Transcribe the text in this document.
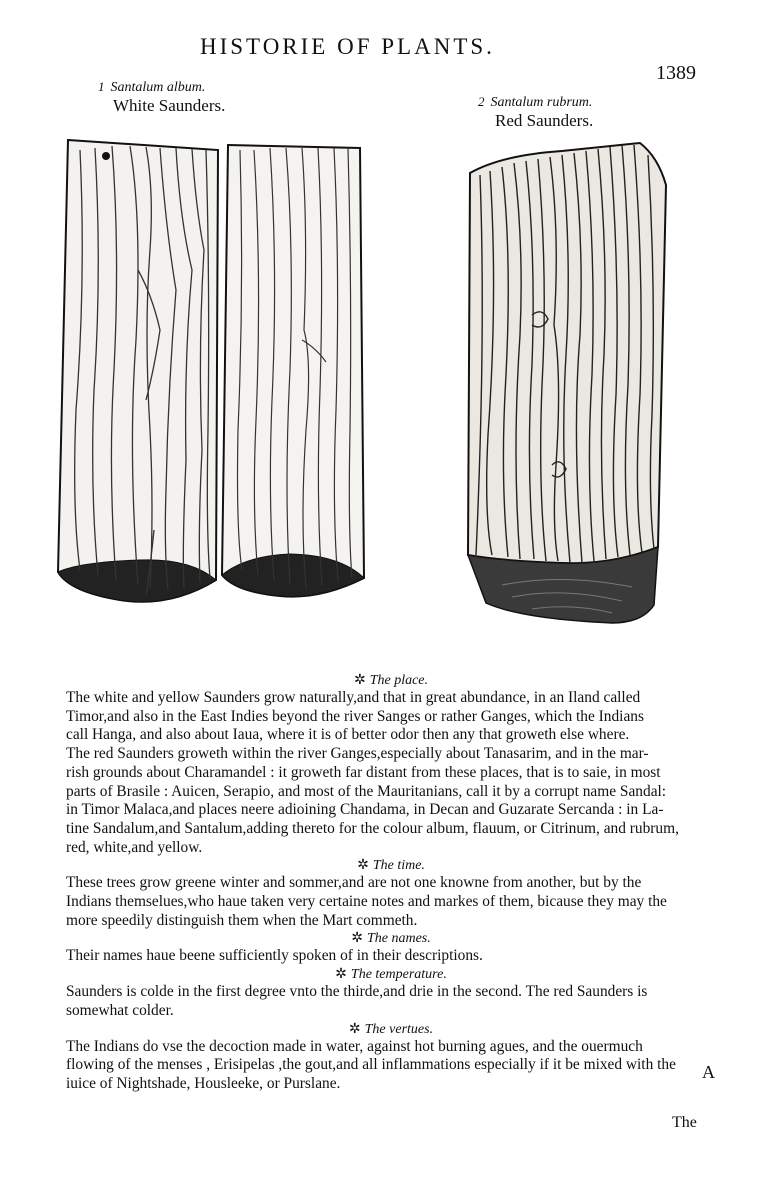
HISTORIE OF PLANTS.
1389
1 Santalum album.
White Saunders.	2 Santalum rubrum.
Red Saunders.
✲ The place.

The white and yellow Saunders grow naturally,and that in great abundance, in an Iland called
Timor,and also in the East Indies beyond the river Sanges or rather Ganges, which the Indians
call Hanga, and also about Iaua, where it is of better odor then any that groweth else where.
The red Saunders groweth within the river Ganges,especially about Tanasarim, and in the mar-
rish grounds about Charamandel : it groweth far distant from these places, that is to saie, in most
parts of Brasile : Auicen, Serapio, and most of the Mauritanians, call it by a corrupt name Sandal:
in Timor Malaca,and places neere adioining Chandama, in Decan and Guzarate Sercanda : in La-
tine Sandalum,and Santalum,adding thereto for the colour album, flauum, or Citrinum, and rubrum,
red, white,and yellow.

✲ The time.

These trees grow greene winter and sommer,and are not one knowne from another, but by the
Indians themselues,who haue taken very certaine notes and markes of them, bicause they may the
more speedily distinguish them when the Mart commeth.

✲ The names.

Their names haue beene sufficiently spoken of in their descriptions.

✲ The temperature.

Saunders is colde in the first degree vnto the thirde,and drie in the second. The red Saunders is
somewhat colder.

✲ The vertues.

The Indians do vse the decoction made in water, against hot burning agues, and the ouermuch
flowing of the menses , Erisipelas ,the gout,and all inflammations especially if it be mixed with the
iuice of Nightshade, Housleeke, or Purslane.

A
The
